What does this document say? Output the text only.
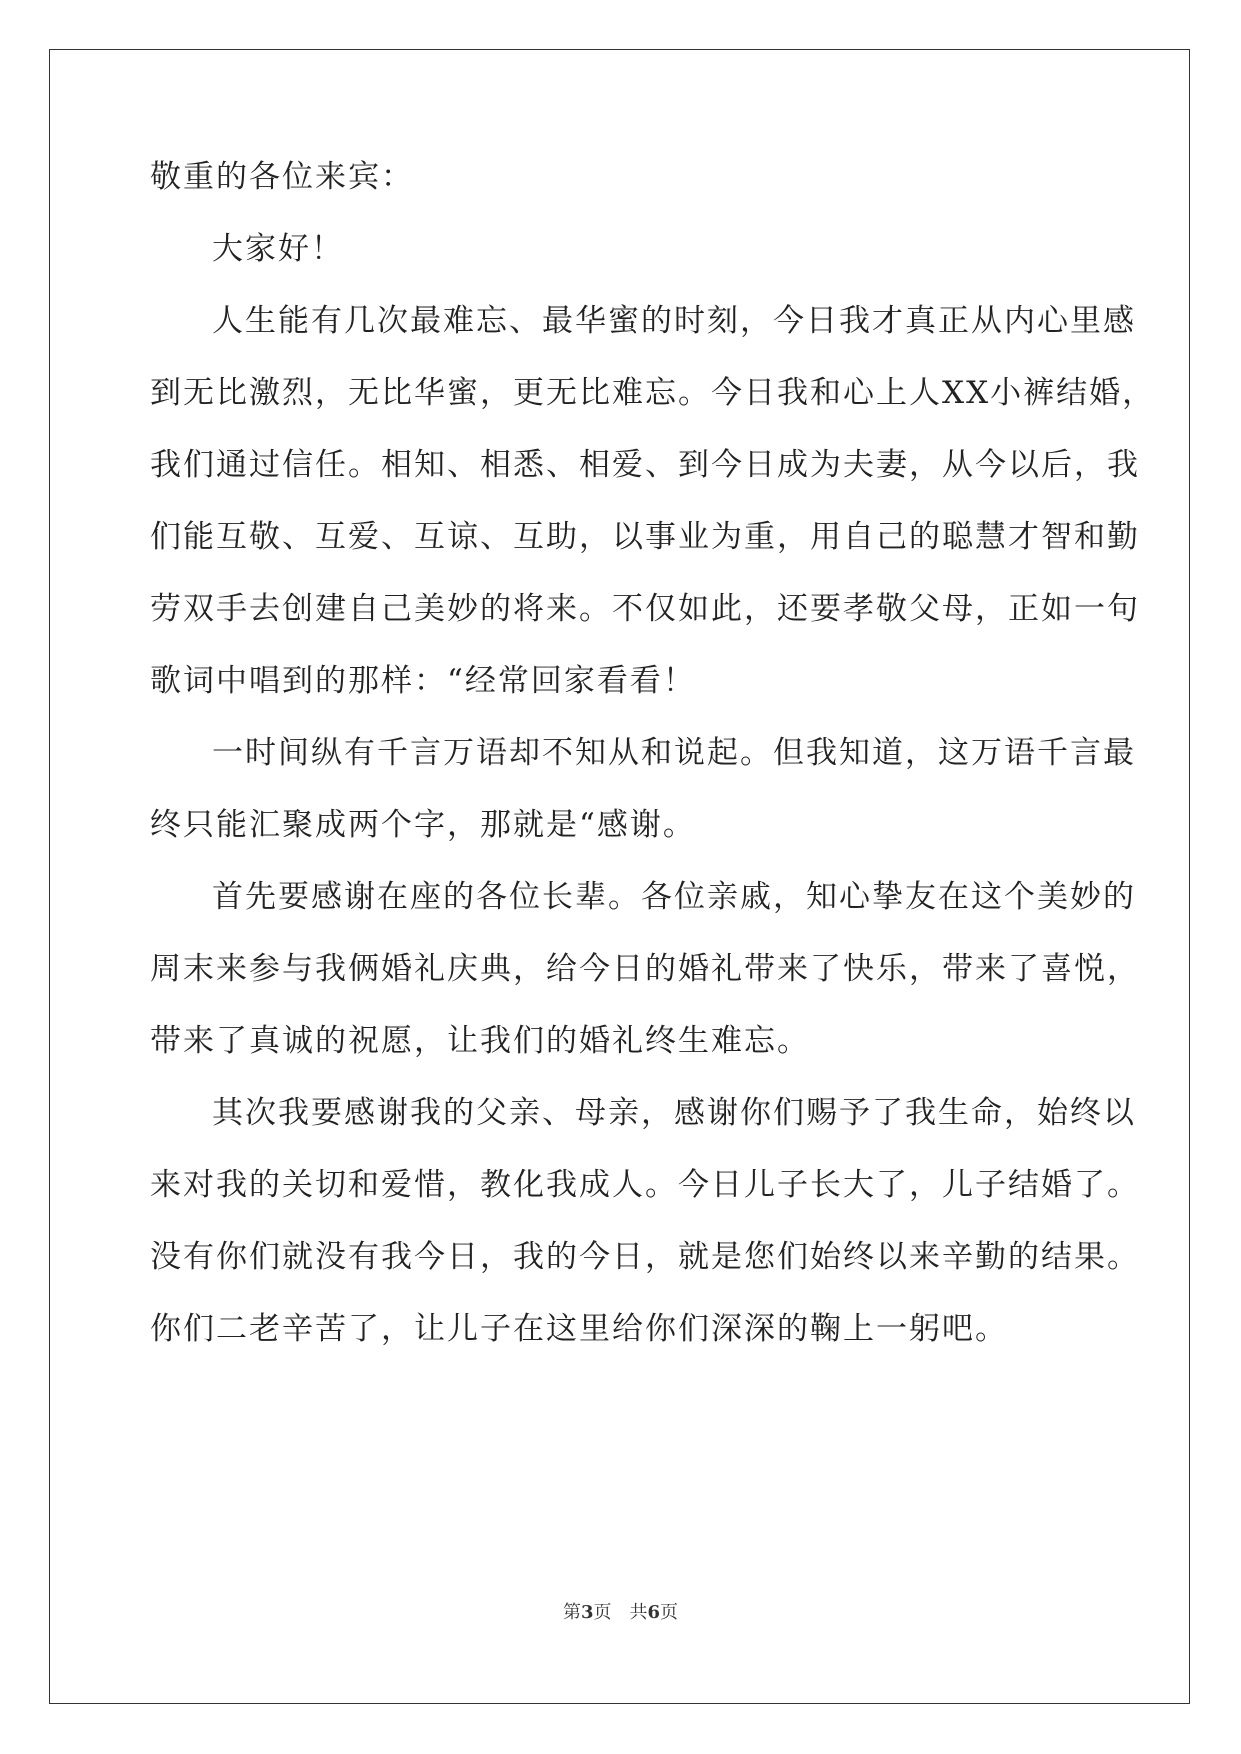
敬重的各位来宾：
大家好！
人生能有几次最难忘、最华蜜的时刻，今日我才真正从内心里感
到无比激烈，无比华蜜，更无比难忘。今日我和心上人XX小裤结婚，
我们通过信任。相知、相悉、相爱、到今日成为夫妻，从今以后，我
们能互敬、互爱、互谅、互助，以事业为重，用自己的聪慧才智和勤
劳双手去创建自己美妙的将来。不仅如此，还要孝敬父母，正如一句
歌词中唱到的那样：“经常回家看看！
一时间纵有千言万语却不知从和说起。但我知道，这万语千言最
终只能汇聚成两个字，那就是“感谢。
首先要感谢在座的各位长辈。各位亲戚，知心挚友在这个美妙的
周末来参与我俩婚礼庆典，给今日的婚礼带来了快乐，带来了喜悦，
带来了真诚的祝愿，让我们的婚礼终生难忘。
其次我要感谢我的父亲、母亲，感谢你们赐予了我生命，始终以
来对我的关切和爱惜，教化我成人。今日儿子长大了，儿子结婚了。
没有你们就没有我今日，我的今日，就是您们始终以来辛勤的结果。
你们二老辛苦了，让儿子在这里给你们深深的鞠上一躬吧。
第3页　共6页
